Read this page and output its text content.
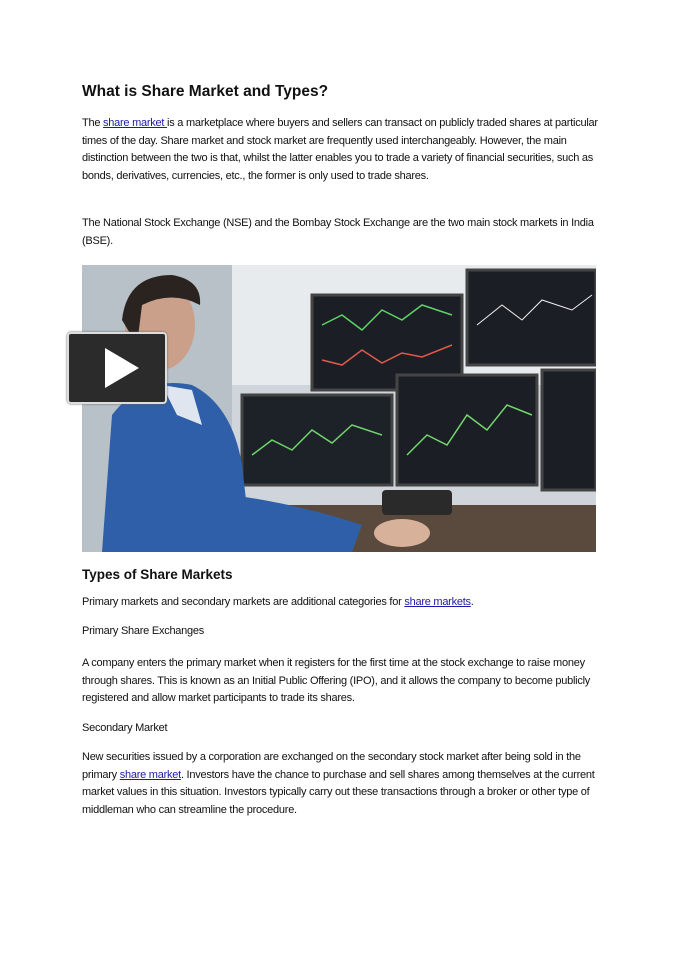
What is Share Market and Types?

The share market is a marketplace where buyers and sellers can transact on publicly traded shares at particular times of the day. Share market and stock market are frequently used interchangeably. However, the main distinction between the two is that, whilst the latter enables you to trade a variety of financial securities, such as bonds, derivatives, currencies, etc., the former is only used to trade shares.

The National Stock Exchange (NSE) and the Bombay Stock Exchange are the two main stock markets in India (BSE).

Types of Share Markets

Primary markets and secondary markets are additional categories for share markets.

Primary Share Exchanges

A company enters the primary market when it registers for the first time at the stock exchange to raise money through shares. This is known as an Initial Public Offering (IPO), and it allows the company to become publicly registered and allow market participants to trade its shares.

Secondary Market

New securities issued by a corporation are exchanged on the secondary stock market after being sold in the primary share market. Investors have the chance to purchase and sell shares among themselves at the current market values in this situation. Investors typically carry out these transactions through a broker or other type of middleman who can streamline the procedure.
